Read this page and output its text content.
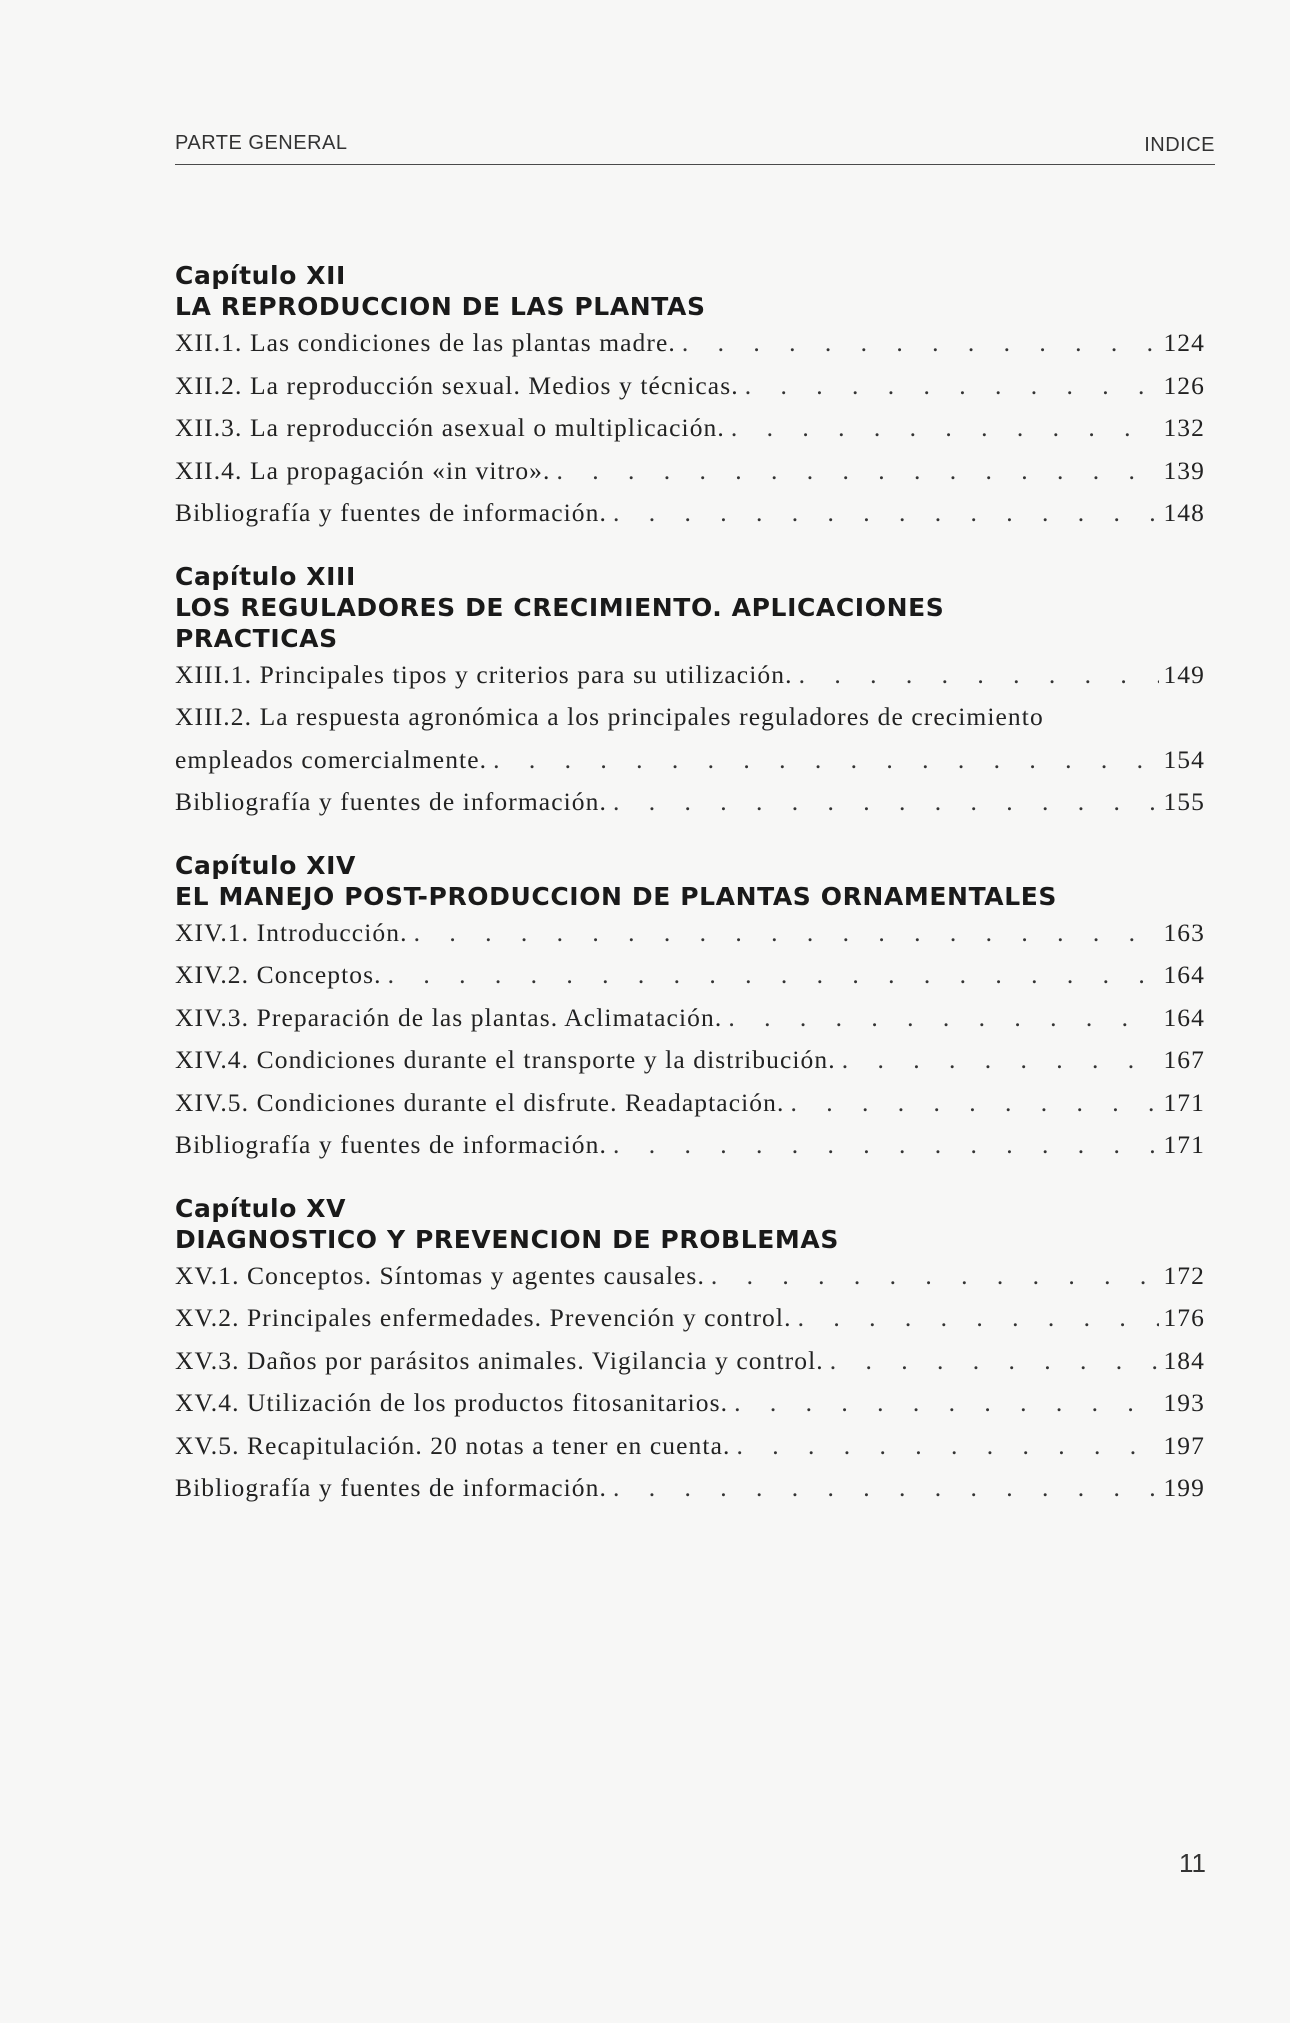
PARTE GENERAL	INDICE
Capítulo XII
LA REPRODUCCION DE LAS PLANTAS
XII.1. Las condiciones de las plantas madre. . . .	124
XII.2. La reproducción sexual. Medios y técnicas. . . .	126
XII.3. La reproducción asexual o multiplicación. . . .	132
XII.4. La propagación «in vitro». . . .	139
Bibliografía y fuentes de información. . . .	148
Capítulo XIII
LOS REGULADORES DE CRECIMIENTO. APLICACIONES
PRACTICAS
XIII.1. Principales tipos y criterios para su utilización. . . .	149
XIII.2. La respuesta agronómica a los principales reguladores de crecimiento
empleados comercialmente. . . .	154
Bibliografía y fuentes de información. . . .	155
Capítulo XIV
EL MANEJO POST-PRODUCCION DE PLANTAS ORNAMENTALES
XIV.1. Introducción. . . .	163
XIV.2. Conceptos. . . .	164
XIV.3. Preparación de las plantas. Aclimatación. . . .	164
XIV.4. Condiciones durante el transporte y la distribución. . . .	167
XIV.5. Condiciones durante el disfrute. Readaptación. . . .	171
Bibliografía y fuentes de información. . . .	171
Capítulo XV
DIAGNOSTICO Y PREVENCION DE PROBLEMAS
XV.1. Conceptos. Síntomas y agentes causales. . . .	172
XV.2. Principales enfermedades. Prevención y control. . . .	176
XV.3. Daños por parásitos animales. Vigilancia y control. . . .	184
XV.4. Utilización de los productos fitosanitarios. . . .	193
XV.5. Recapitulación. 20 notas a tener en cuenta. . . .	197
Bibliografía y fuentes de información. . . .	199
11
